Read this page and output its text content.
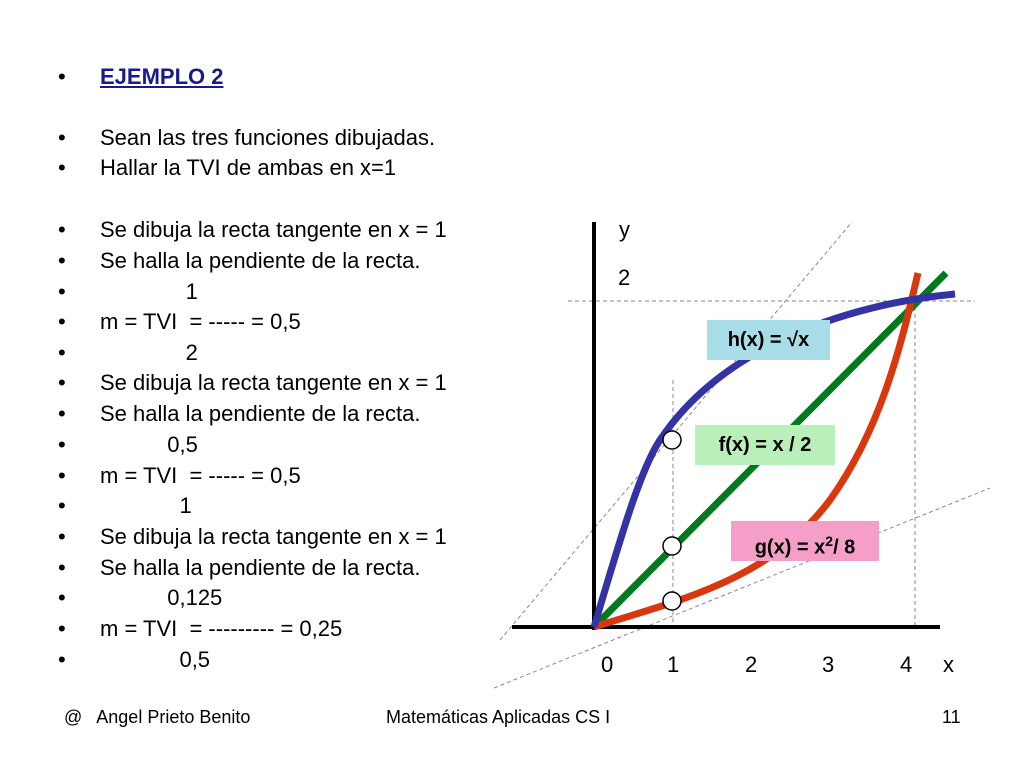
• EJEMPLO 2
• Sean las tres funciones dibujadas.
• Hallar la TVI de ambas en x=1
• Se dibuja la recta tangente en x = 1
• Se halla la pendiente de la recta.
• 1
• m = TVI  = ----- = 0,5
• 2
• Se dibuja la recta tangente en x = 1
• Se halla la pendiente de la recta.
• 0,5
• m = TVI  = ----- = 0,5
• 1
• Se dibuja la recta tangente en x = 1
• Se halla la pendiente de la recta.
• 0,125
• m = TVI  = --------- = 0,25
• 0,5
y
2
0 1	2	3	4 x
h(x) = √x
f(x) = x / 2
$g(x) = x^2/$ 8
@   Angel Prieto Benito	Matemáticas Aplicadas CS I	11
